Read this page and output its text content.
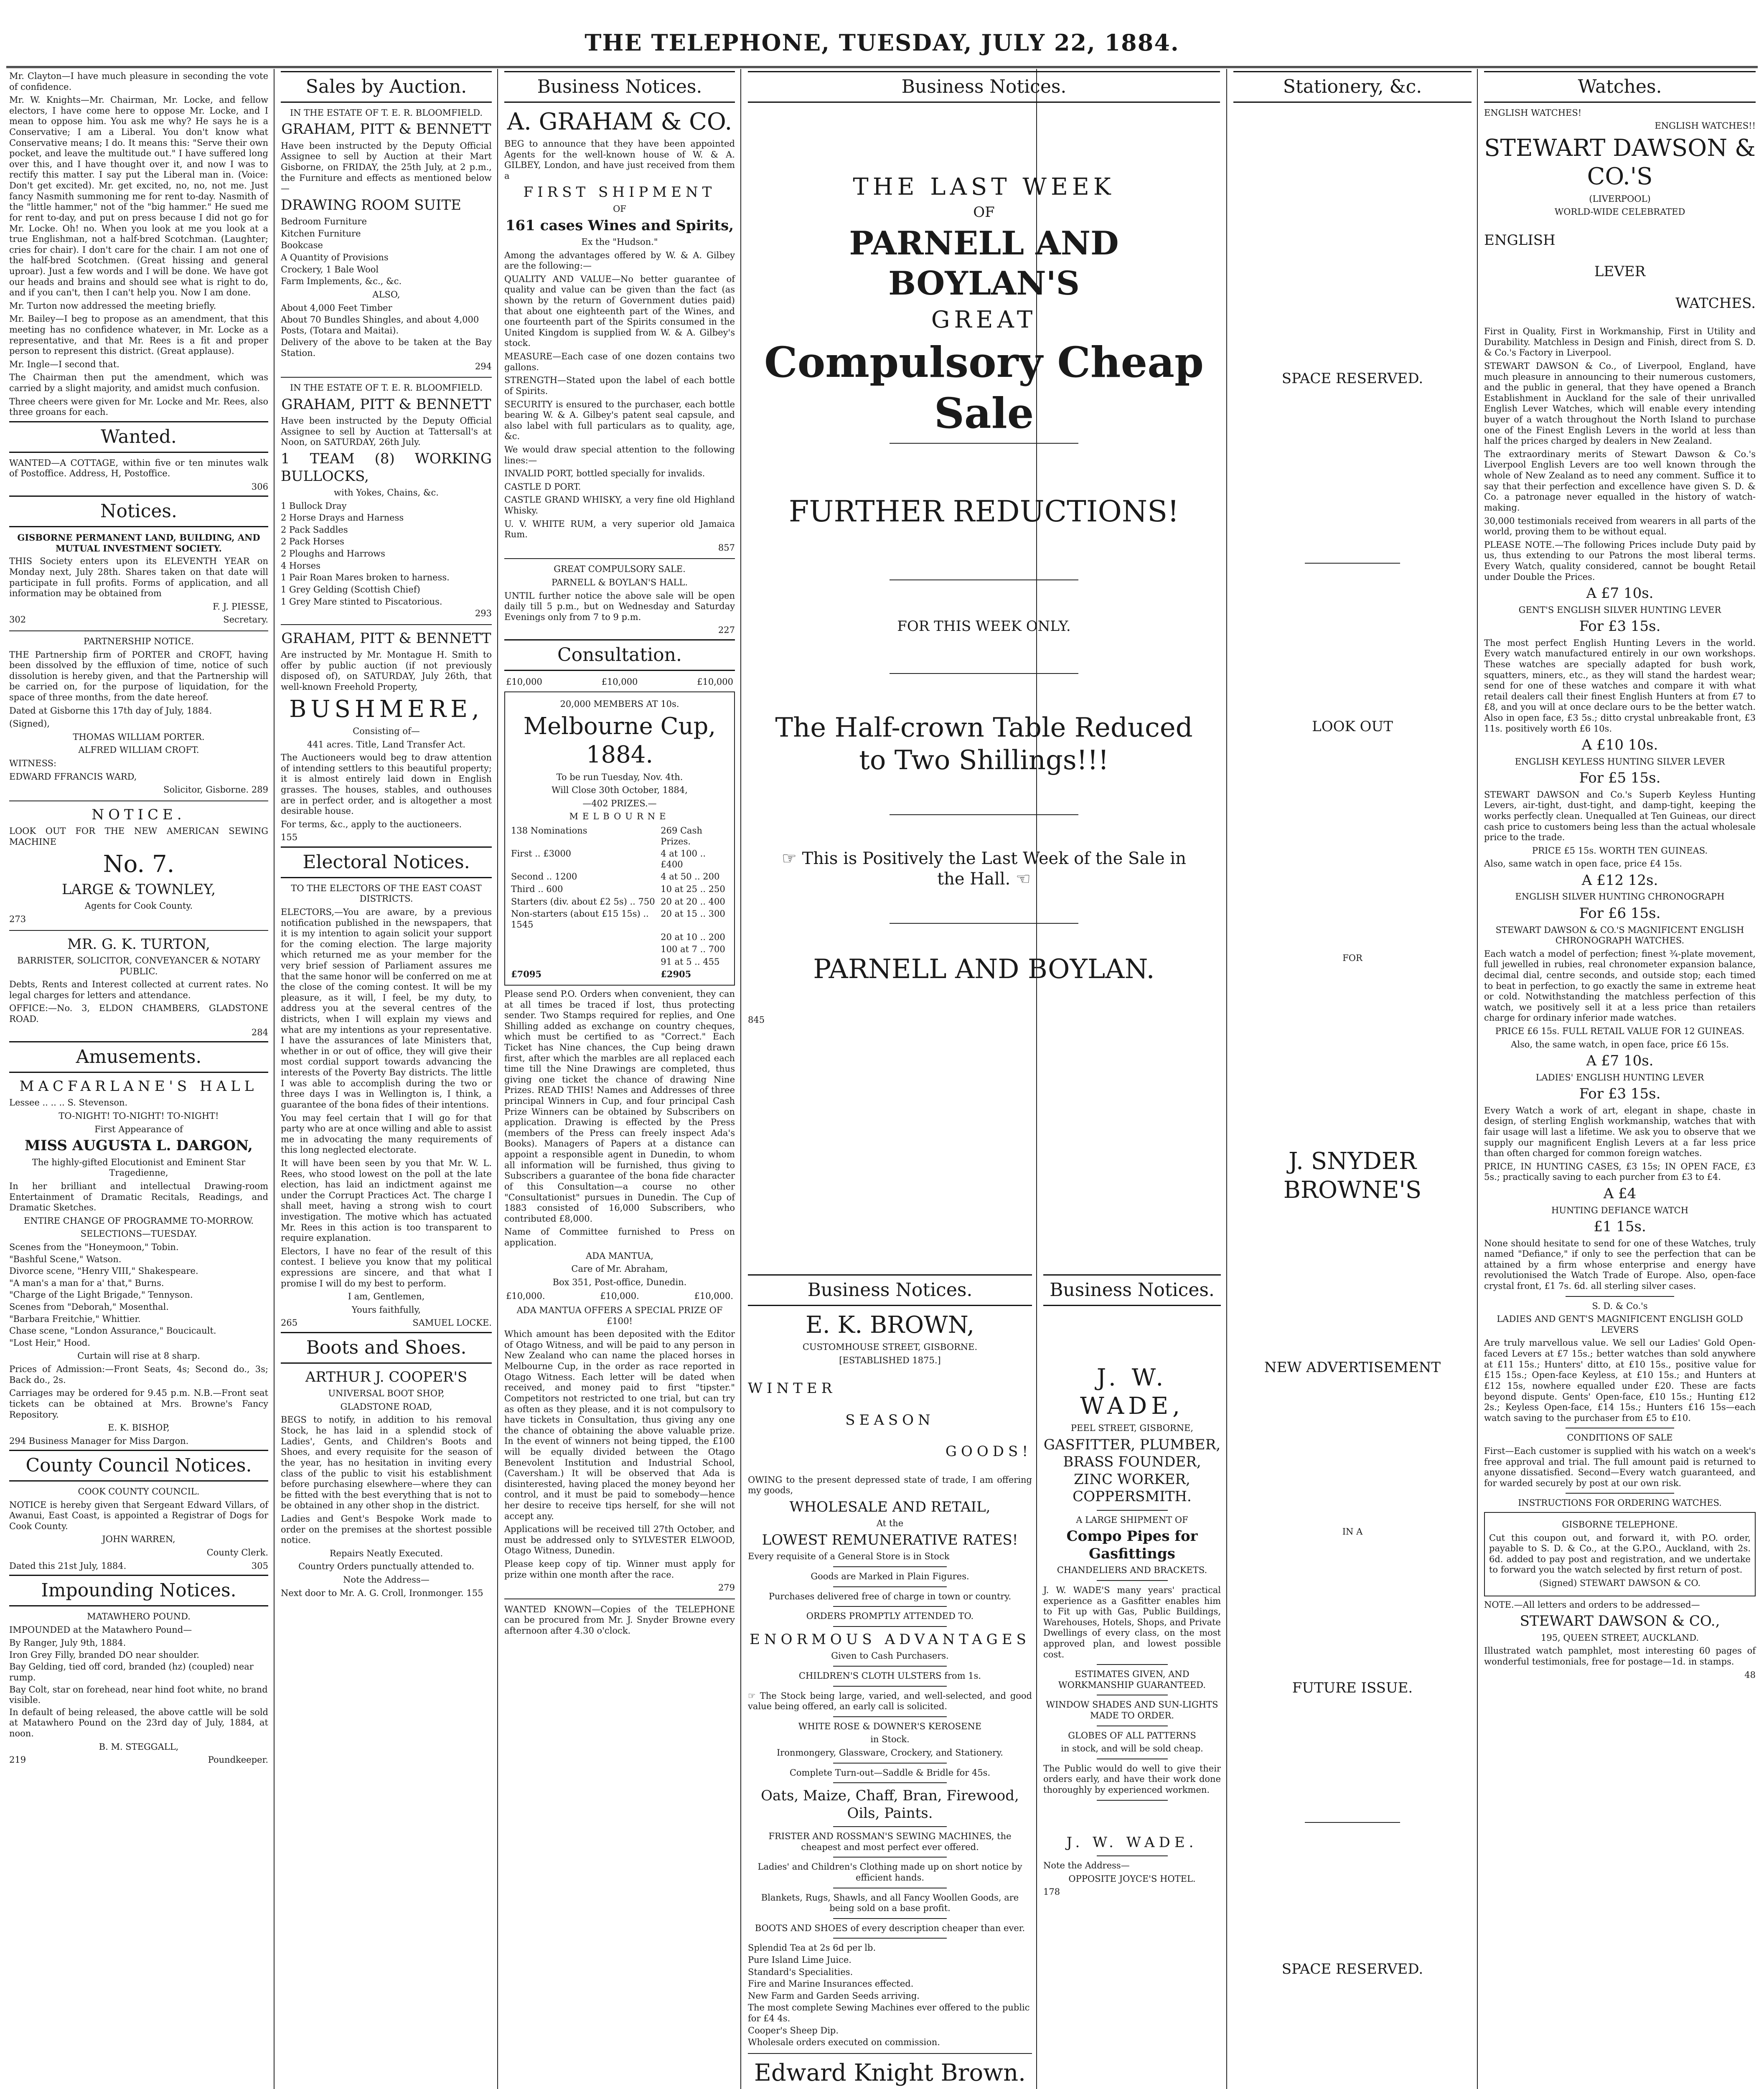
THE TELEPHONE, TUESDAY, JULY 22, 1884.

Mr. Clayton—I have much pleasure in seconding the vote of confidence.

Mr. W. Knights—Mr. Chairman, Mr. Locke, and fellow electors, I have come here to oppose Mr. Locke, and I mean to oppose him. You ask me why? He says he is a Conservative; I am a Liberal. You don't know what Conservative means; I do. It means this: "Serve their own pocket, and leave the multitude out." I have suffered long over this, and I have thought over it, and now I was to rectify this matter. I say put the Liberal man in. (Voice: Don't get excited). Mr. get excited, no, no, not me. Just fancy Nasmith summoning me for rent to-day. Nasmith of the "little hammer," not of the "big hammer." He sued me for rent to-day, and put on press because I did not go for Mr. Locke. Oh! no. When you look at me you look at a true Englishman, not a half-bred Scotchman. (Laughter; cries for chair). I don't care for the chair. I am not one of the half-bred Scotchmen. (Great hissing and general uproar). Just a few words and I will be done. We have got our heads and brains and should see what is right to do, and if you can't, then I can't help you. Now I am done.

Mr. Turton now addressed the meeting briefly.

Mr. Bailey—I beg to propose as an amendment, that this meeting has no confidence whatever, in Mr. Locke as a representative, and that Mr. Rees is a fit and proper person to represent this district. (Great applause).

Mr. Ingle—I second that.

The Chairman then put the amendment, which was carried by a slight majority, and amidst much confusion.

Three cheers were given for Mr. Locke and Mr. Rees, also three groans for each.

Wanted.

WANTED—A COTTAGE, within five or ten minutes walk of Postoffice. Address, H, Postoffice.

306

Notices.

GISBORNE PERMANENT LAND, BUILDING, AND MUTUAL INVESTMENT SOCIETY.

THIS Society enters upon its ELEVENTH YEAR on Monday next, July 28th. Shares taken on that date will participate in full profits. Forms of application, and all information may be obtained from

F. J. PIESSE,

302	Secretary.

PARTNERSHIP NOTICE.

THE Partnership firm of PORTER and CROFT, having been dissolved by the effluxion of time, notice of such dissolution is hereby given, and that the Partnership will be carried on, for the purpose of liquidation, for the space of three months, from the date hereof.

Dated at Gisborne this 17th day of July, 1884.

(Signed),

THOMAS WILLIAM PORTER.

ALFRED WILLIAM CROFT.

WITNESS:

EDWARD FFRANCIS WARD,

Solicitor, Gisborne. 289

NOTICE.

LOOK OUT FOR THE NEW AMERICAN SEWING MACHINE

No. 7.

LARGE & TOWNLEY,

Agents for Cook County.

273

MR. G. K. TURTON,

BARRISTER, SOLICITOR, CONVEYANCER & NOTARY PUBLIC.

Debts, Rents and Interest collected at current rates. No legal charges for letters and attendance.

OFFICE:—No. 3, ELDON CHAMBERS, GLADSTONE ROAD.

284

Amusements.

MACFARLANE'S HALL

Lessee .. .. .. S. Stevenson.

TO-NIGHT! TO-NIGHT! TO-NIGHT!

First Appearance of

MISS AUGUSTA L. DARGON,

The highly-gifted Elocutionist and Eminent Star Tragedienne,

In her brilliant and intellectual Drawing-room Entertainment of Dramatic Recitals, Readings, and Dramatic Sketches.

ENTIRE CHANGE OF PROGRAMME TO-MORROW.

SELECTIONS—TUESDAY.

Scenes from the "Honeymoon," Tobin.

"Bashful Scene," Watson.

Divorce scene, "Henry VIII," Shakespeare.

"A man's a man for a' that," Burns.

"Charge of the Light Brigade," Tennyson.

Scenes from "Deborah," Mosenthal.

"Barbara Freitchie," Whittier.

Chase scene, "London Assurance," Boucicault.

"Lost Heir," Hood.

Curtain will rise at 8 sharp.

Prices of Admission:—Front Seats, 4s; Second do., 3s; Back do., 2s.

Carriages may be ordered for 9.45 p.m. N.B.—Front seat tickets can be obtained at Mrs. Browne's Fancy Repository.

E. K. BISHOP,

294 Business Manager for Miss Dargon.

County Council Notices.

COOK COUNTY COUNCIL.

NOTICE is hereby given that Sergeant Edward Villars, of Awanui, East Coast, is appointed a Registrar of Dogs for Cook County.

JOHN WARREN,

County Clerk.

Dated this 21st July, 1884.	305

Impounding Notices.

MATAWHERO POUND.

IMPOUNDED at the Matawhero Pound—

By Ranger, July 9th, 1884.

Iron Grey Filly, branded DO near shoulder.

Bay Gelding, tied off cord, branded (hz) (coupled) near rump.

Bay Colt, star on forehead, near hind foot white, no brand visible.

In default of being released, the above cattle will be sold at Matawhero Pound on the 23rd day of July, 1884, at noon.

B. M. STEGGALL,

219	Poundkeeper.

Sales by Auction.

IN THE ESTATE OF T. E. R. BLOOMFIELD.

GRAHAM, PITT & BENNETT

Have been instructed by the Deputy Official Assignee to sell by Auction at their Mart Gisborne, on FRIDAY, the 25th July, at 2 p.m., the Furniture and effects as mentioned below—

DRAWING ROOM SUITE

Bedroom Furniture

Kitchen Furniture

Bookcase

A Quantity of Provisions

Crockery, 1 Bale Wool

Farm Implements, &c., &c.

ALSO,

About 4,000 Feet Timber

About 70 Bundles Shingles, and about 4,000 Posts, (Totara and Maitai).

Delivery of the above to be taken at the Bay Station.

294

IN THE ESTATE OF T. E. R. BLOOMFIELD.

GRAHAM, PITT & BENNETT

Have been instructed by the Deputy Official Assignee to sell by Auction at Tattersall's at Noon, on SATURDAY, 26th July.

1 TEAM (8) WORKING BULLOCKS,

with Yokes, Chains, &c.

1 Bullock Dray

2 Horse Drays and Harness

2 Pack Saddles

2 Pack Horses

2 Ploughs and Harrows

4 Horses

1 Pair Roan Mares broken to harness.

1 Grey Gelding (Scottish Chief)

1 Grey Mare stinted to Piscatorious.

293

GRAHAM, PITT & BENNETT

Are instructed by Mr. Montague H. Smith to offer by public auction (if not previously disposed of), on SATURDAY, July 26th, that well-known Freehold Property,

BUSHMERE,

Consisting of—

441 acres. Title, Land Transfer Act.

The Auctioneers would beg to draw attention of intending settlers to this beautiful property; it is almost entirely laid down in English grasses. The houses, stables, and outhouses are in perfect order, and is altogether a most desirable house.

For terms, &c., apply to the auctioneers.

155

Electoral Notices.

TO THE ELECTORS OF THE EAST COAST DISTRICTS.

ELECTORS,—You are aware, by a previous notification published in the newspapers, that it is my intention to again solicit your support for the coming election. The large majority which returned me as your member for the very brief session of Parliament assures me that the same honor will be conferred on me at the close of the coming contest. It will be my pleasure, as it will, I feel, be my duty, to address you at the several centres of the districts, when I will explain my views and what are my intentions as your representative. I have the assurances of late Ministers that, whether in or out of office, they will give their most cordial support towards advancing the interests of the Poverty Bay districts. The little I was able to accomplish during the two or three days I was in Wellington is, I think, a guarantee of the bona fides of their intentions.

You may feel certain that I will go for that party who are at once willing and able to assist me in advocating the many requirements of this long neglected electorate.

It will have been seen by you that Mr. W. L. Rees, who stood lowest on the poll at the late election, has laid an indictment against me under the Corrupt Practices Act. The charge I shall meet, having a strong wish to court investigation. The motive which has actuated Mr. Rees in this action is too transparent to require explanation.

Electors, I have no fear of the result of this contest. I believe you know that my political expressions are sincere, and that what I promise I will do my best to perform.

I am, Gentlemen,

Yours faithfully,

265	SAMUEL LOCKE.

Boots and Shoes.

ARTHUR J. COOPER'S

UNIVERSAL BOOT SHOP,

GLADSTONE ROAD,

BEGS to notify, in addition to his removal Stock, he has laid in a splendid stock of Ladies', Gents, and Children's Boots and Shoes, and every requisite for the season of the year, has no hesitation in inviting every class of the public to visit his establishment before purchasing elsewhere—where they can be fitted with the best everything that is not to be obtained in any other shop in the district.

Ladies and Gent's Bespoke Work made to order on the premises at the shortest possible notice.

Repairs Neatly Executed.

Country Orders punctually attended to.

Note the Address—

Next door to Mr. A. G. Croll, Ironmonger. 155

Business Notices.

A. GRAHAM & CO.

BEG to announce that they have been appointed Agents for the well-known house of W. & A. GILBEY, London, and have just received from them a

FIRST SHIPMENT

OF

161 cases Wines and Spirits,

Ex the "Hudson."

Among the advantages offered by W. & A. Gilbey are the following:—

QUALITY AND VALUE—No better guarantee of quality and value can be given than the fact (as shown by the return of Government duties paid) that about one eighteenth part of the Wines, and one fourteenth part of the Spirits consumed in the United Kingdom is supplied from W. & A. Gilbey's stock.

MEASURE—Each case of one dozen contains two gallons.

STRENGTH—Stated upon the label of each bottle of Spirits.

SECURITY is ensured to the purchaser, each bottle bearing W. & A. Gilbey's patent seal capsule, and also label with full particulars as to quality, age, &c.

We would draw special attention to the following lines:—

INVALID PORT, bottled specially for invalids.

CASTLE D PORT.

CASTLE GRAND WHISKY, a very fine old Highland Whisky.

U. V. WHITE RUM, a very superior old Jamaica Rum.

857

GREAT COMPULSORY SALE.

PARNELL & BOYLAN'S HALL.

UNTIL further notice the above sale will be open daily till 5 p.m., but on Wednesday and Saturday Evenings only from 7 to 9 p.m.

227

Consultation.
£10,000	£10,000	£10,000

20,000 MEMBERS AT 10s.

Melbourne Cup, 1884.

To be run Tuesday, Nov. 4th.

Will Close 30th October, 1884,

—402 PRIZES.—

MELBOURNE

138 Nominations	269 Cash Prizes.
First .. £3000	4 at 100 .. £400
Second .. 1200	4 at 50 .. 200
Third .. 600	10 at 25 .. 250
Starters (div. about £2 5s) .. 750	20 at 20 .. 400
Non-starters (about £15 15s) .. 1545	20 at 15 .. 300
	20 at 10 .. 200
	100 at 7 .. 700
	91 at 5 .. 455
£7095	£2905

Please send P.O. Orders when convenient, they can at all times be traced if lost, thus protecting sender. Two Stamps required for replies, and One Shilling added as exchange on country cheques, which must be certified to as "Correct." Each Ticket has Nine chances, the Cup being drawn first, after which the marbles are all replaced each time till the Nine Drawings are completed, thus giving one ticket the chance of drawing Nine Prizes. READ THIS! Names and Addresses of three principal Winners in Cup, and four principal Cash Prize Winners can be obtained by Subscribers on application. Drawing is effected by the Press (members of the Press can freely inspect Ada's Books). Managers of Papers at a distance can appoint a responsible agent in Dunedin, to whom all information will be furnished, thus giving to Subscribers a guarantee of the bona fide character of this Consultation—a course no other "Consultationist" pursues in Dunedin. The Cup of 1883 consisted of 16,000 Subscribers, who contributed £8,000.

Name of Committee furnished to Press on application.

ADA MANTUA,

Care of Mr. Abraham,

Box 351, Post-office, Dunedin.

£10,000.	£10,000.	£10,000.

ADA MANTUA OFFERS A SPECIAL PRIZE OF £100!

Which amount has been deposited with the Editor of Otago Witness, and will be paid to any person in New Zealand who can name the placed horses in Melbourne Cup, in the order as race reported in Otago Witness. Each letter will be dated when received, and money paid to first "tipster." Competitors not restricted to one trial, but can try as often as they please, and it is not compulsory to have tickets in Consultation, thus giving any one the chance of obtaining the above valuable prize. In the event of winners not being tipped, the £100 will be equally divided between the Otago Benevolent Institution and Industrial School, (Caversham.) It will be observed that Ada is disinterested, having placed the money beyond her control, and it must be paid to somebody—hence her desire to receive tips herself, for she will not accept any.

Applications will be received till 27th October, and must be addressed only to SYLVESTER ELWOOD, Otago Witness, Dunedin.

Please keep copy of tip. Winner must apply for prize within one month after the race.

279

WANTED KNOWN—Copies of the TELEPHONE can be procured from Mr. J. Snyder Browne every afternoon after 4.30 o'clock.

Business Notices.

THE LAST WEEK

OF

PARNELL AND BOYLAN'S

GREAT

Compulsory Cheap Sale

FURTHER REDUCTIONS!

FOR THIS WEEK ONLY.

The Half-crown Table Reduced to Two Shillings!!!

☞ This is Positively the Last Week of the Sale in the Hall. ☜

PARNELL AND BOYLAN.

845

Business Notices.

E. K. BROWN,

CUSTOMHOUSE STREET, GISBORNE.

[ESTABLISHED 1875.]

WINTER

SEASON

GOODS!

OWING to the present depressed state of trade, I am offering my goods,

WHOLESALE AND RETAIL,

At the

LOWEST REMUNERATIVE RATES!

Every requisite of a General Store is in Stock

Goods are Marked in Plain Figures.

Purchases delivered free of charge in town or country.

ORDERS PROMPTLY ATTENDED TO.

ENORMOUS ADVANTAGES

Given to Cash Purchasers.

CHILDREN'S CLOTH ULSTERS from 1s.

☞ The Stock being large, varied, and well-selected, and good value being offered, an early call is solicited.

WHITE ROSE & DOWNER'S KEROSENE

in Stock.

Ironmongery, Glassware, Crockery, and Stationery.

Complete Turn-out—Saddle & Bridle for 45s.

Oats, Maize, Chaff, Bran, Firewood, Oils, Paints.

FRISTER AND ROSSMAN'S SEWING MACHINES, the cheapest and most perfect ever offered.

Ladies' and Children's Clothing made up on short notice by efficient hands.

Blankets, Rugs, Shawls, and all Fancy Woollen Goods, are being sold on a base profit.

BOOTS AND SHOES of every description cheaper than ever.

Splendid Tea at 2s 6d per lb.

Pure Island Lime Juice.

Standard's Specialities.

Fire and Marine Insurances effected.

New Farm and Garden Seeds arriving.

The most complete Sewing Machines ever offered to the public for £4 4s.

Cooper's Sheep Dip.

Wholesale orders executed on commission.

Edward Knight Brown.

Business Notices.

J. W. WADE,

PEEL STREET, GISBORNE,

GASFITTER, PLUMBER, BRASS FOUNDER, ZINC WORKER, COPPERSMITH.

A LARGE SHIPMENT OF

Compo Pipes for Gasfittings

CHANDELIERS AND BRACKETS.

J. W. WADE'S many years' practical experience as a Gasfitter enables him to Fit up with Gas, Public Buildings, Warehouses, Hotels, Shops, and Private Dwellings of every class, on the most approved plan, and lowest possible cost.

ESTIMATES GIVEN, AND WORKMANSHIP GUARANTEED.

WINDOW SHADES AND SUN-LIGHTS MADE TO ORDER.

GLOBES OF ALL PATTERNS

in stock, and will be sold cheap.

The Public would do well to give their orders early, and have their work done thoroughly by experienced workmen.

J. W. WADE.

Note the Address—

OPPOSITE JOYCE'S HOTEL.

178

Stationery, &c.

SPACE RESERVED.

LOOK OUT

FOR

J. SNYDER BROWNE'S

NEW ADVERTISEMENT

IN A

FUTURE ISSUE.

SPACE RESERVED.

Watches.

ENGLISH WATCHES!

ENGLISH WATCHES!!

STEWART DAWSON & CO.'S

(LIVERPOOL)

WORLD-WIDE CELEBRATED

ENGLISH

LEVER

WATCHES.

First in Quality, First in Workmanship, First in Utility and Durability. Matchless in Design and Finish, direct from S. D. & Co.'s Factory in Liverpool.

STEWART DAWSON & Co., of Liverpool, England, have much pleasure in announcing to their numerous customers, and the public in general, that they have opened a Branch Establishment in Auckland for the sale of their unrivalled English Lever Watches, which will enable every intending buyer of a watch throughout the North Island to purchase one of the Finest English Levers in the world at less than half the prices charged by dealers in New Zealand.

The extraordinary merits of Stewart Dawson & Co.'s Liverpool English Levers are too well known through the whole of New Zealand as to need any comment. Suffice it to say that their perfection and excellence have given S. D. & Co. a patronage never equalled in the history of watch-making.

30,000 testimonials received from wearers in all parts of the world, proving them to be without equal.

PLEASE NOTE.—The following Prices include Duty paid by us, thus extending to our Patrons the most liberal terms. Every Watch, quality considered, cannot be bought Retail under Double the Prices.

A £7 10s.

GENT'S ENGLISH SILVER HUNTING LEVER

For £3 15s.

The most perfect English Hunting Levers in the world. Every watch manufactured entirely in our own workshops. These watches are specially adapted for bush work, squatters, miners, etc., as they will stand the hardest wear; send for one of these watches and compare it with what retail dealers call their finest English Hunters at from £7 to £8, and you will at once declare ours to be the better watch. Also in open face, £3 5s.; ditto crystal unbreakable front, £3 11s. positively worth £6 10s.

A £10 10s.

ENGLISH KEYLESS HUNTING SILVER LEVER

For £5 15s.

STEWART DAWSON and Co.'s Superb Keyless Hunting Levers, air-tight, dust-tight, and damp-tight, keeping the works perfectly clean. Unequalled at Ten Guineas, our direct cash price to customers being less than the actual wholesale price to the trade.

PRICE £5 15s. WORTH TEN GUINEAS.

Also, same watch in open face, price £4 15s.

A £12 12s.

ENGLISH SILVER HUNTING CHRONOGRAPH

For £6 15s.

STEWART DAWSON & CO.'S MAGNIFICENT ENGLISH CHRONOGRAPH WATCHES.

Each watch a model of perfection; finest ¾-plate movement, full jewelled in rubies, real chronometer expansion balance, decimal dial, centre seconds, and outside stop; each timed to beat in perfection, to go exactly the same in extreme heat or cold. Notwithstanding the matchless perfection of this watch, we positively sell it at a less price than retailers charge for ordinary inferior made watches.

PRICE £6 15s. FULL RETAIL VALUE FOR 12 GUINEAS.

Also, the same watch, in open face, price £6 15s.

A £7 10s.

LADIES' ENGLISH HUNTING LEVER

For £3 15s.

Every Watch a work of art, elegant in shape, chaste in design, of sterling English workmanship, watches that with fair usage will last a lifetime. We ask you to observe that we supply our magnificent English Levers at a far less price than often charged for common foreign watches.

PRICE, IN HUNTING CASES, £3 15s; IN OPEN FACE, £3 5s.; practically saving to each purcher from £3 to £4.

A £4

HUNTING DEFIANCE WATCH

£1 15s.

None should hesitate to send for one of these Watches, truly named "Defiance," if only to see the perfection that can be attained by a firm whose enterprise and energy have revolutionised the Watch Trade of Europe. Also, open-face crystal front, £1 7s. 6d. all sterling silver cases.

S. D. & Co.'s

LADIES AND GENT'S MAGNIFICENT ENGLISH GOLD LEVERS

Are truly marvellous value. We sell our Ladies' Gold Open-faced Levers at £7 15s.; better watches than sold anywhere at £11 15s.; Hunters' ditto, at £10 15s., positive value for £15 15s.; Open-face Keyless, at £10 15s.; and Hunters at £12 15s, nowhere equalled under £20. These are facts beyond dispute. Gents' Open-face, £10 15s.; Hunting £12 2s.; Keyless Open-face, £14 15s.; Hunters £16 15s—each watch saving to the purchaser from £5 to £10.

CONDITIONS OF SALE

First—Each customer is supplied with his watch on a week's free approval and trial. The full amount paid is returned to anyone dissatisfied. Second—Every watch guaranteed, and for warded securely by post at our own risk.

INSTRUCTIONS FOR ORDERING WATCHES.

GISBORNE TELEPHONE.

Cut this coupon out, and forward it, with P.O. order, payable to S. D. & Co., at the G.P.O., Auckland, with 2s. 6d. added to pay post and registration, and we undertake to forward you the watch selected by first return of post.

(Signed) STEWART DAWSON & CO.

NOTE.—All letters and orders to be addressed—

STEWART DAWSON & CO.,

195, QUEEN STREET, AUCKLAND.

Illustrated watch pamphlet, most interesting 60 pages of wonderful testimonials, free for postage—1d. in stamps.

48
